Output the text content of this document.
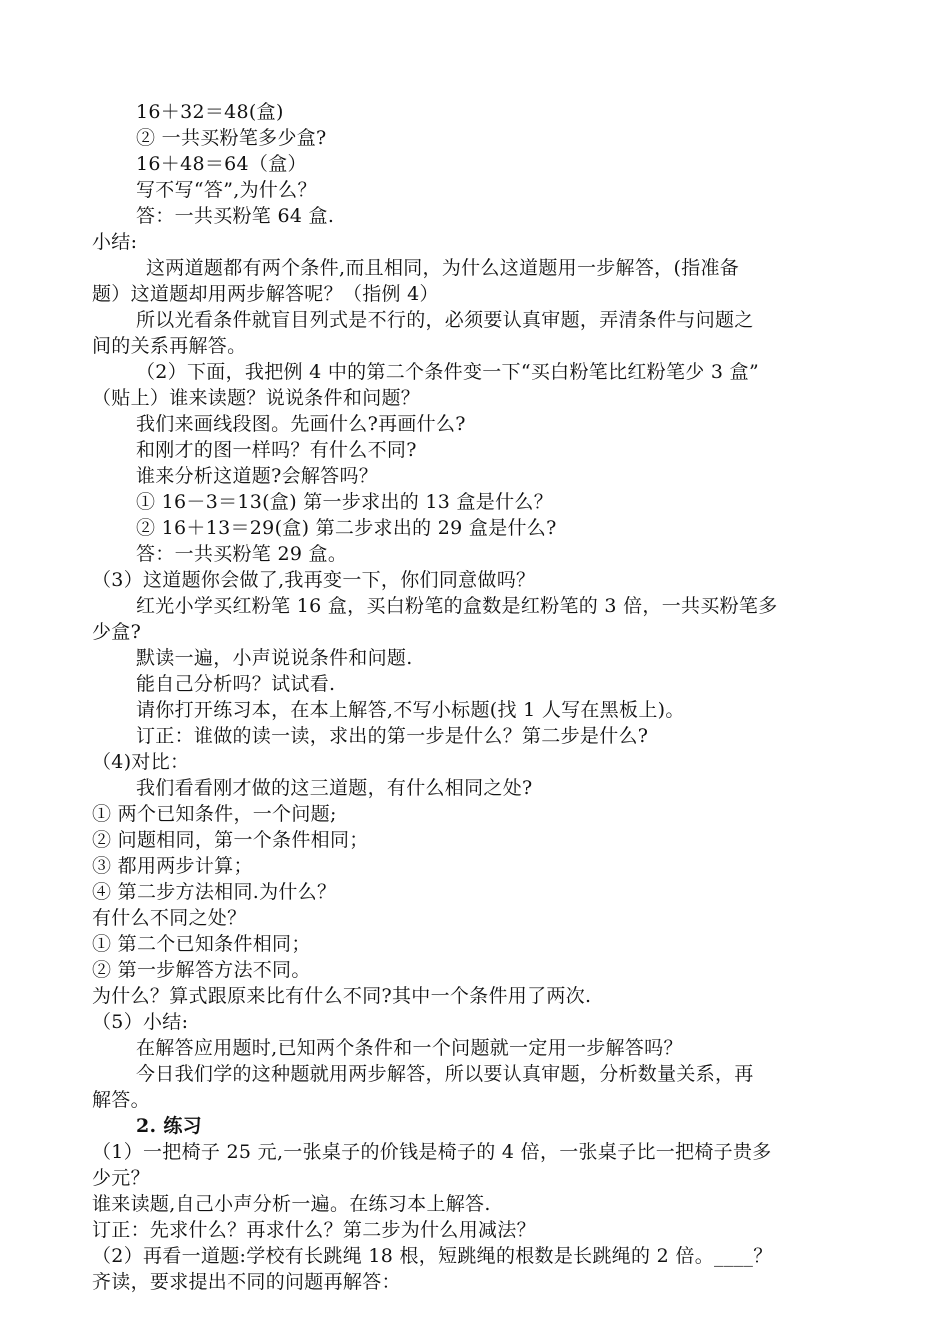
16＋32＝48(盒)
② 一共买粉笔多少盒?
16＋48＝64（盒）
写不写“答”,为什么？
答：一共买粉笔 64 盒.
小结:
这两道题都有两个条件,而且相同，为什么这道题用一步解答，(指准备
题）这道题却用两步解答呢？（指例 4）
所以光看条件就盲目列式是不行的，必须要认真审题，弄清条件与问题之
间的关系再解答。
（2）下面，我把例 4 中的第二个条件变一下“买白粉笔比红粉笔少 3 盒”
（贴上）谁来读题？说说条件和问题？
我们来画线段图。先画什么?再画什么?
和刚才的图一样吗？有什么不同?
谁来分析这道题?会解答吗？
① 16－3＝13(盒) 第一步求出的 13 盒是什么？
② 16＋13＝29(盒) 第二步求出的 29 盒是什么?
答：一共买粉笔 29 盒。
（3）这道题你会做了,我再变一下，你们同意做吗？
红光小学买红粉笔 16 盒，买白粉笔的盒数是红粉笔的 3 倍，一共买粉笔多
少盒?
默读一遍，小声说说条件和问题.
能自己分析吗？试试看.
请你打开练习本，在本上解答,不写小标题(找 1 人写在黑板上)。
订正：谁做的读一读，求出的第一步是什么？第二步是什么?
（4)对比：
我们看看刚才做的这三道题，有什么相同之处?
① 两个已知条件，一个问题;
② 问题相同，第一个条件相同；
③ 都用两步计算；
④ 第二步方法相同.为什么？
有什么不同之处？
① 第二个已知条件相同；
② 第一步解答方法不同。
为什么？算式跟原来比有什么不同?其中一个条件用了两次.
（5）小结:
在解答应用题时,已知两个条件和一个问题就一定用一步解答吗？
今日我们学的这种题就用两步解答，所以要认真审题，分析数量关系，再
解答。
2. 练习
（1）一把椅子 25 元,一张桌子的价钱是椅子的 4 倍，一张桌子比一把椅子贵多
少元？
谁来读题,自己小声分析一遍。在练习本上解答.
订正：先求什么？再求什么？第二步为什么用减法？
（2）再看一道题:学校有长跳绳 18 根，短跳绳的根数是长跳绳的 2 倍。____？
齐读，要求提出不同的问题再解答：
